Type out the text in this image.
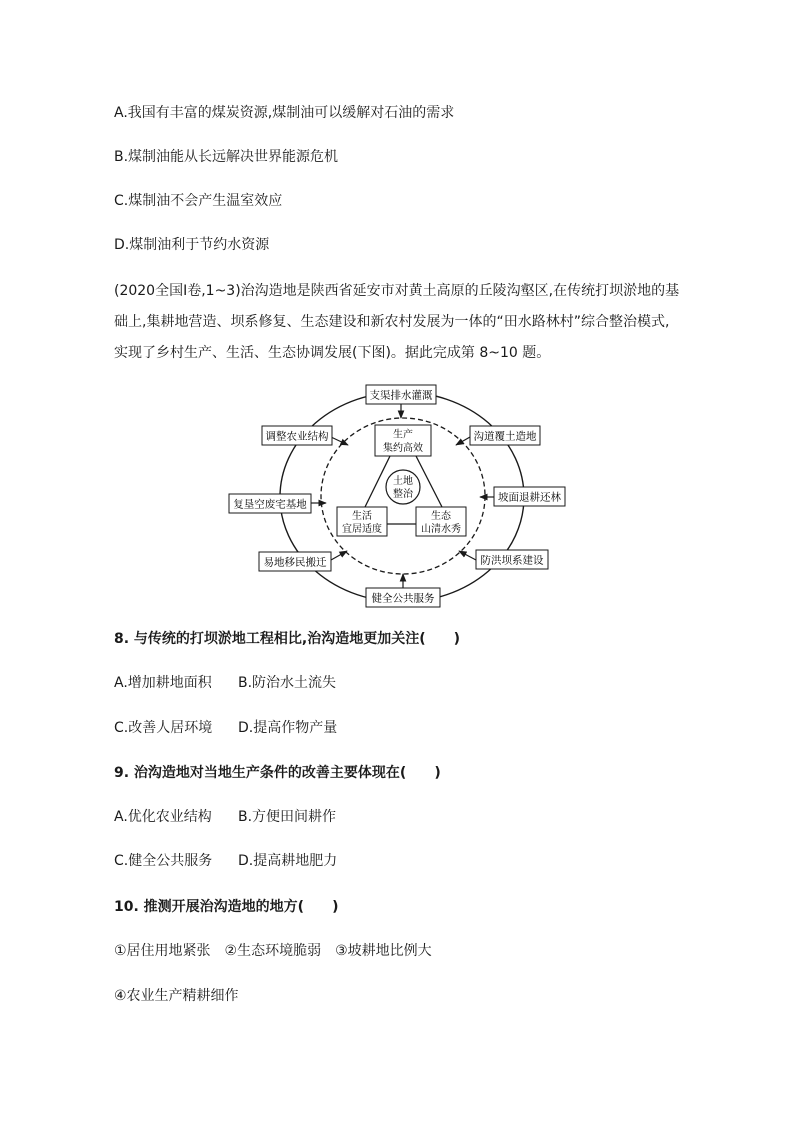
A.我国有丰富的煤炭资源,煤制油可以缓解对石油的需求
B.煤制油能从长远解决世界能源危机
C.煤制油不会产生温室效应
D.煤制油利于节约水资源
(2020全国Ⅰ卷,1~3)治沟造地是陕西省延安市对黄土高原的丘陵沟壑区,在传统打坝淤地的基
础上,集耕地营造、坝系修复、生态建设和新农村发展为一体的“田水路林村”综合整治模式,
实现了乡村生产、生活、生态协调发展(下图)。据此完成第 8~10 题。
支渠排水灌溉
调整农业结构	沟道覆土造地
复垦空废宅基地
坡面退耕还林
易地移民搬迁	防洪坝系建设
健全公共服务
生产
集约高效
生活
宜居适度
生态
山清水秀
土地
整治
8. 与传统的打坝淤地工程相比,治沟造地更加关注(　　)
A.增加耕地面积 B.防治水土流失
C.改善人居环境 D.提高作物产量
9. 治沟造地对当地生产条件的改善主要体现在(　　)
A.优化农业结构 B.方便田间耕作
C.健全公共服务 D.提高耕地肥力
10. 推测开展治沟造地的地方(　　)
①居住用地紧张　②生态环境脆弱　③坡耕地比例大
④农业生产精耕细作
